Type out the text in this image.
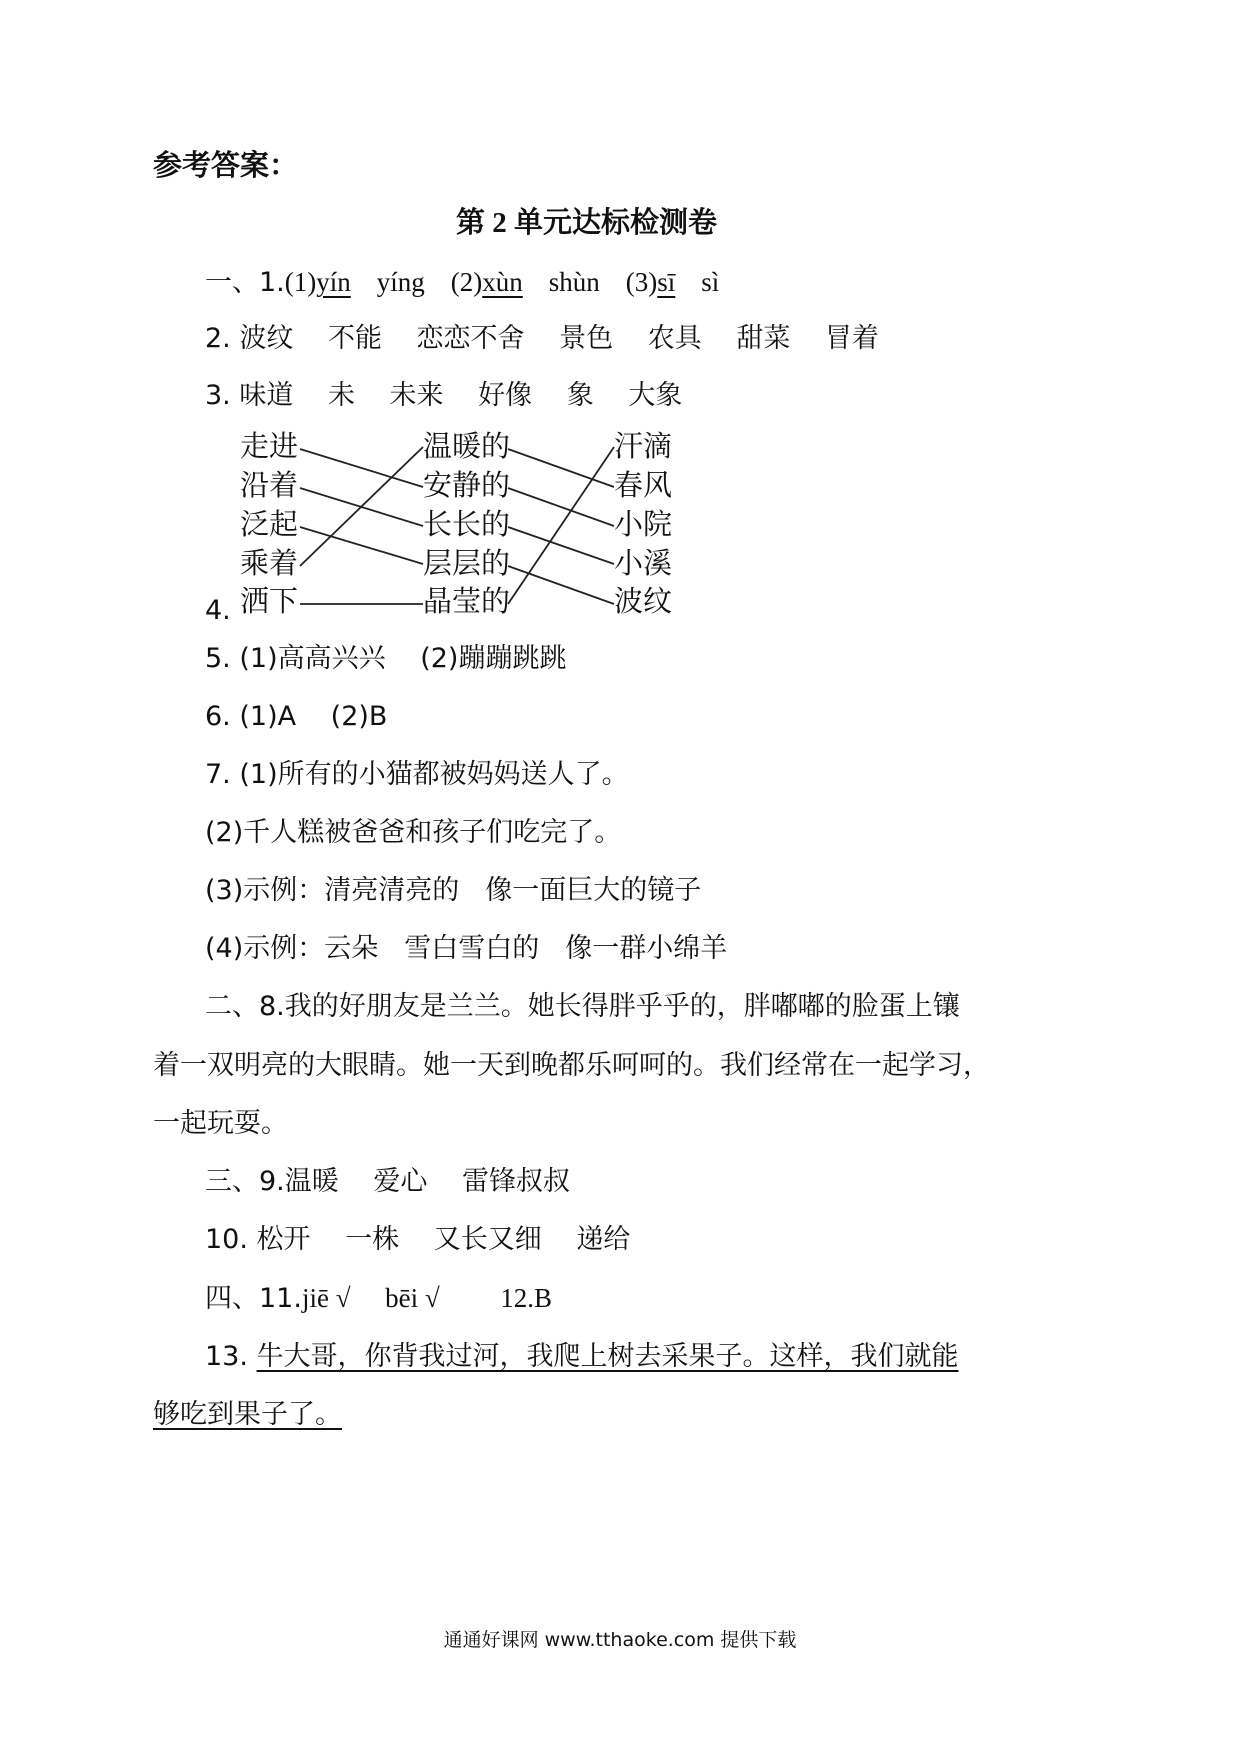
参考答案：
第 2 单元达标检测卷
一、1.(1)yín yíng (2)xùn shùn (3)sī sì
2. 波纹 不能 恋恋不舍 景色 农具 甜菜 冒着
3. 味道 未 未来 好像 象 大象
4.
走进
沿着
泛起
乘着
洒下
温暖的
安静的
长长的
层层的
晶莹的
汗滴
春风
小院
小溪
波纹
5. (1)高高兴兴 (2)蹦蹦跳跳
6. (1)A (2)B
7. (1)所有的小猫都被妈妈送人了。
(2)千人糕被爸爸和孩子们吃完了。
(3)示例：清亮清亮的 像一面巨大的镜子
(4)示例：云朵 雪白雪白的 像一群小绵羊
二、8.我的好朋友是兰兰。她长得胖乎乎的，胖嘟嘟的脸蛋上镶
着一双明亮的大眼睛。她一天到晚都乐呵呵的。我们经常在一起学习，
一起玩耍。
三、9.温暖 爱心 雷锋叔叔
10. 松开 一株 又长又细 递给
四、11.jiē √ bēi √ 12.B
13. 牛大哥，你背我过河，我爬上树去采果子。这样，我们就能
够吃到果子了。
通通好课网 www.tthaoke.com 提供下载
